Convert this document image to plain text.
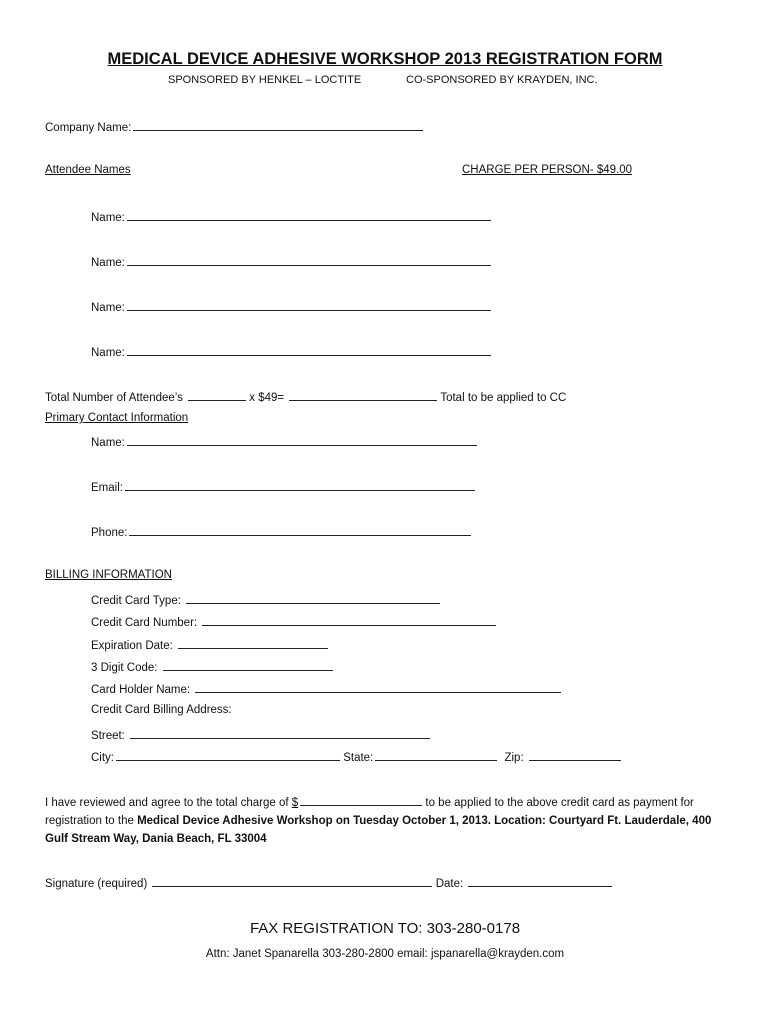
MEDICAL DEVICE ADHESIVE WORKSHOP 2013 REGISTRATION FORM
SPONSORED BY HENKEL – LOCTITE	CO-SPONSORED BY KRAYDEN, INC.
Company Name:
Attendee Names	CHARGE PER PERSON- $49.00
Name:
Name:
Name:
Name:
Total Number of Attendee’s	x $49=	Total to be applied to CC
Primary Contact Information
Name:
Email:
Phone:
BILLING INFORMATION
Credit Card Type:
Credit Card Number:
Expiration Date:
3 Digit Code:
Card Holder Name:
Credit Card Billing Address:
Street:
City:	State:	Zip:
I have reviewed and agree to the total charge of $	to be applied to the above credit card as payment for registration to the Medical Device Adhesive Workshop on Tuesday October 1, 2013. Location: Courtyard Ft. Lauderdale, 400 Gulf Stream Way, Dania Beach, FL 33004
Signature (required)	Date:
FAX REGISTRATION TO: 303-280-0178
Attn: Janet Spanarella 303-280-2800 email: jspanarella@krayden.com
